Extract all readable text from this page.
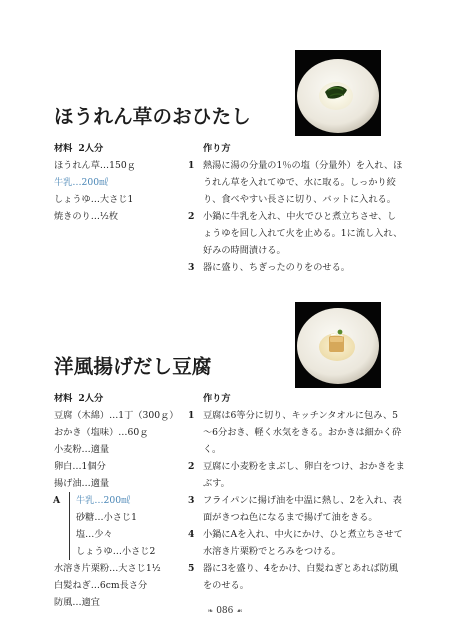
ほうれん草のおひたし
材料 2人分
ほうれん草…150ｇ
牛乳…200㎖
しょうゆ…大さじ1
焼きのり…½枚
作り方
1 熱湯に湯の分量の1％の塩（分量外）を入れ、ほうれん草を入れてゆで、水に取る。しっかり絞り、食べやすい長さに切り、バットに入れる。
2 小鍋に牛乳を入れ、中火でひと煮立ちさせ、しょうゆを回し入れて火を止める。1に流し入れ、好みの時間漬ける。
3 器に盛り、ちぎったのりをのせる。
洋風揚げだし豆腐
材料 2人分
豆腐（木綿）…1丁（300ｇ）
おかき（塩味）…60ｇ
小麦粉…適量
卵白…1個分
揚げ油…適量
A 牛乳…200㎖
砂糖…小さじ1
塩…少々
しょうゆ…小さじ2
水溶き片栗粉…大さじ1½
白髪ねぎ…6cm長さ分
防風…適宜
作り方
1 豆腐は6等分に切り、キッチンタオルに包み、5～6分おき、軽く水気をきる。おかきは細かく砕く。
2 豆腐に小麦粉をまぶし、卵白をつけ、おかきをまぶす。
3 フライパンに揚げ油を中温に熱し、2を入れ、表面がきつね色になるまで揚げて油をきる。
4 小鍋にAを入れ、中火にかけ、ひと煮立ちさせて水溶き片栗粉でとろみをつける。
5 器に3を盛り、4をかけ、白髪ねぎとあれば防風をのせる。
❧ 086 ☙
